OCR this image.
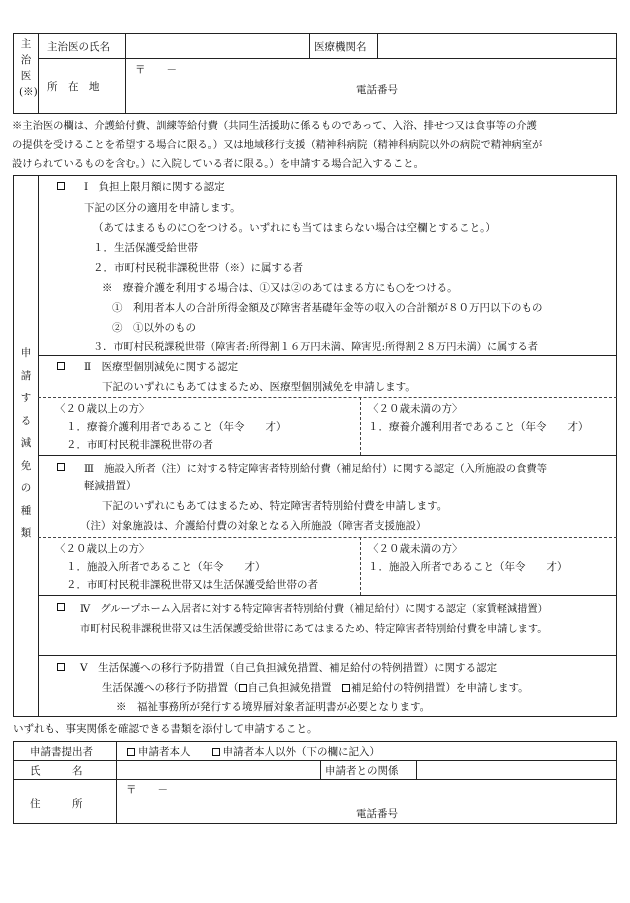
主治医(※)
主治医の氏名	医療機関名
所　在　地
〒　　－
電話番号
※主治医の欄は、介護給付費、訓練等給付費（共同生活援助に係るものであって、入浴、排せつ又は食事等の介護
の提供を受けることを希望する場合に限る。）又は地域移行支援（精神科病院（精神科病院以外の病院で精神病室が
設けられているものを含む。）に入院している者に限る。）を申請する場合記入すること。
申請する減免の種類
Ⅰ　負担上限月額に関する認定
下記の区分の適用を申請します。
（あてはまるものに○をつける。いずれにも当てはまらない場合は空欄とすること。）
１．生活保護受給世帯
２．市町村民税非課税世帯（※）に属する者
※　療養介護を利用する場合は、①又は②のあてはまる方にも○をつける。
①　利用者本人の合計所得金額及び障害者基礎年金等の収入の合計額が８０万円以下のもの
②　①以外のもの
３．市町村民税課税世帯（障害者:所得割１６万円未満、障害児:所得割２８万円未満）に属する者
Ⅱ　医療型個別減免に関する認定
下記のいずれにもあてはまるため、医療型個別減免を申請します。
〈２０歳以上の方〉
１．療養介護利用者であること（年令　　才）
２．市町村民税非課税世帯の者
〈２０歳未満の方〉
１．療養介護利用者であること（年令　　才）
Ⅲ　施設入所者（注）に対する特定障害者特別給付費（補足給付）に関する認定（入所施設の食費等
軽減措置）
下記のいずれにもあてはまるため、特定障害者特別給付費を申請します。
（注）対象施設は、介護給付費の対象となる入所施設（障害者支援施設）
〈２０歳以上の方〉
１．施設入所者であること（年令　　才）
２．市町村民税非課税世帯又は生活保護受給世帯の者
〈２０歳未満の方〉
１．施設入所者であること（年令　　才）
Ⅳ　グループホーム入居者に対する特定障害者特別給付費（補足給付）に関する認定（家賃軽減措置）
市町村民税非課税世帯又は生活保護受給世帯にあてはまるため、特定障害者特別給付費を申請します。
Ⅴ　生活保護への移行予防措置（自己負担減免措置、補足給付の特例措置）に関する認定
生活保護への移行予防措置（ 自己負担減免措置　 補足給付の特例措置）を申請します。
※　福祉事務所が発行する境界層対象者証明書が必要となります。
いずれも、事実関係を確認できる書類を添付して申請すること。
申請書提出者	申請者本人　　	申請者本人以外（下の欄に記入）
氏　　　名	申請者との関係
住　　　所
〒　　－
電話番号
